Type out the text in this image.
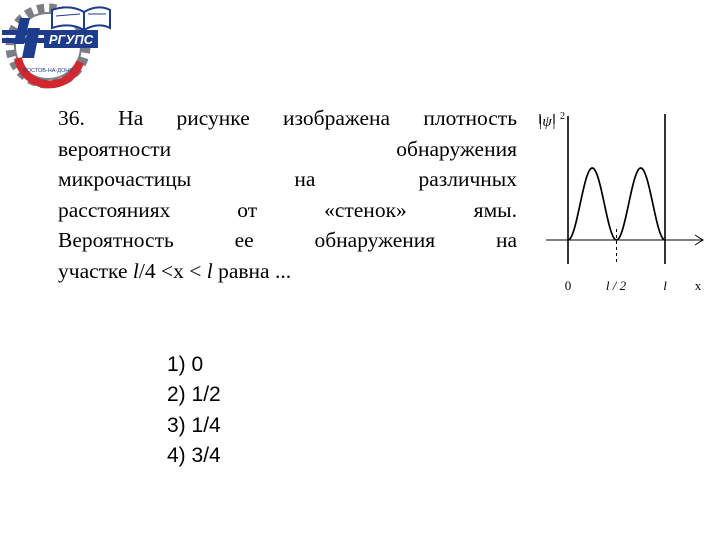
РГУПС
РОСТОВ-НА-ДОНУ
36. На рисунке изображена плотность
вероятности обнаружения
микрочастицы на различных
расстояниях от «стенок» ямы.
Вероятность ее обнаружения на
участке l/4 <x < l равна ...
1) 0
2) 1/2
3) 1/4
4) 3/4
|ψ| 2
0	l / 2	l x
